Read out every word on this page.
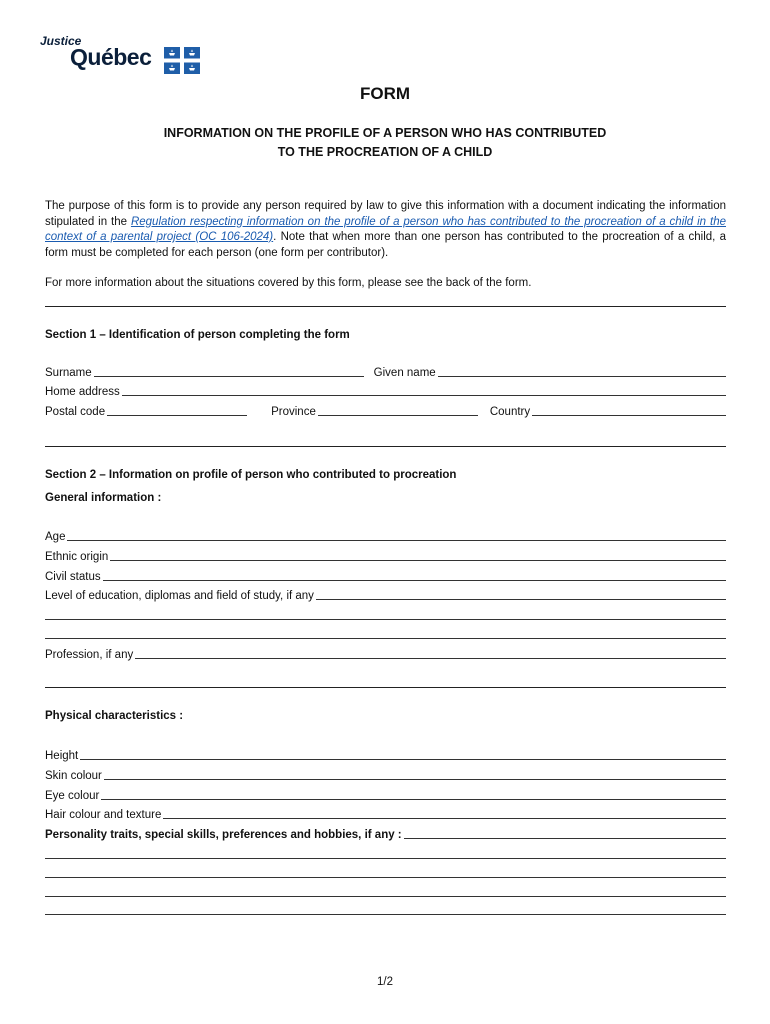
Justice
Québec
FORM
INFORMATION ON THE PROFILE OF A PERSON WHO HAS CONTRIBUTED
TO THE PROCREATION OF A CHILD
The purpose of this form is to provide any person required by law to give this information with a document indicating the information stipulated in the Regulation respecting information on the profile of a person who has contributed to the procreation of a child in the context of a parental project (OC 106-2024). Note that when more than one person has contributed to the procreation of a child, a form must be completed for each person (one form per contributor).
For more information about the situations covered by this form, please see the back of the form.
Section 1 – Identification of person completing the form
Surname	Given name
Home address
Postal code	Province	Country
Section 2 – Information on profile of person who contributed to procreation
General information :
Age
Ethnic origin
Civil status
Level of education, diplomas and field of study, if any
Profession, if any
Physical characteristics :
Height
Skin colour
Eye colour
Hair colour and texture
Personality traits, special skills, preferences and hobbies, if any :
1/2
